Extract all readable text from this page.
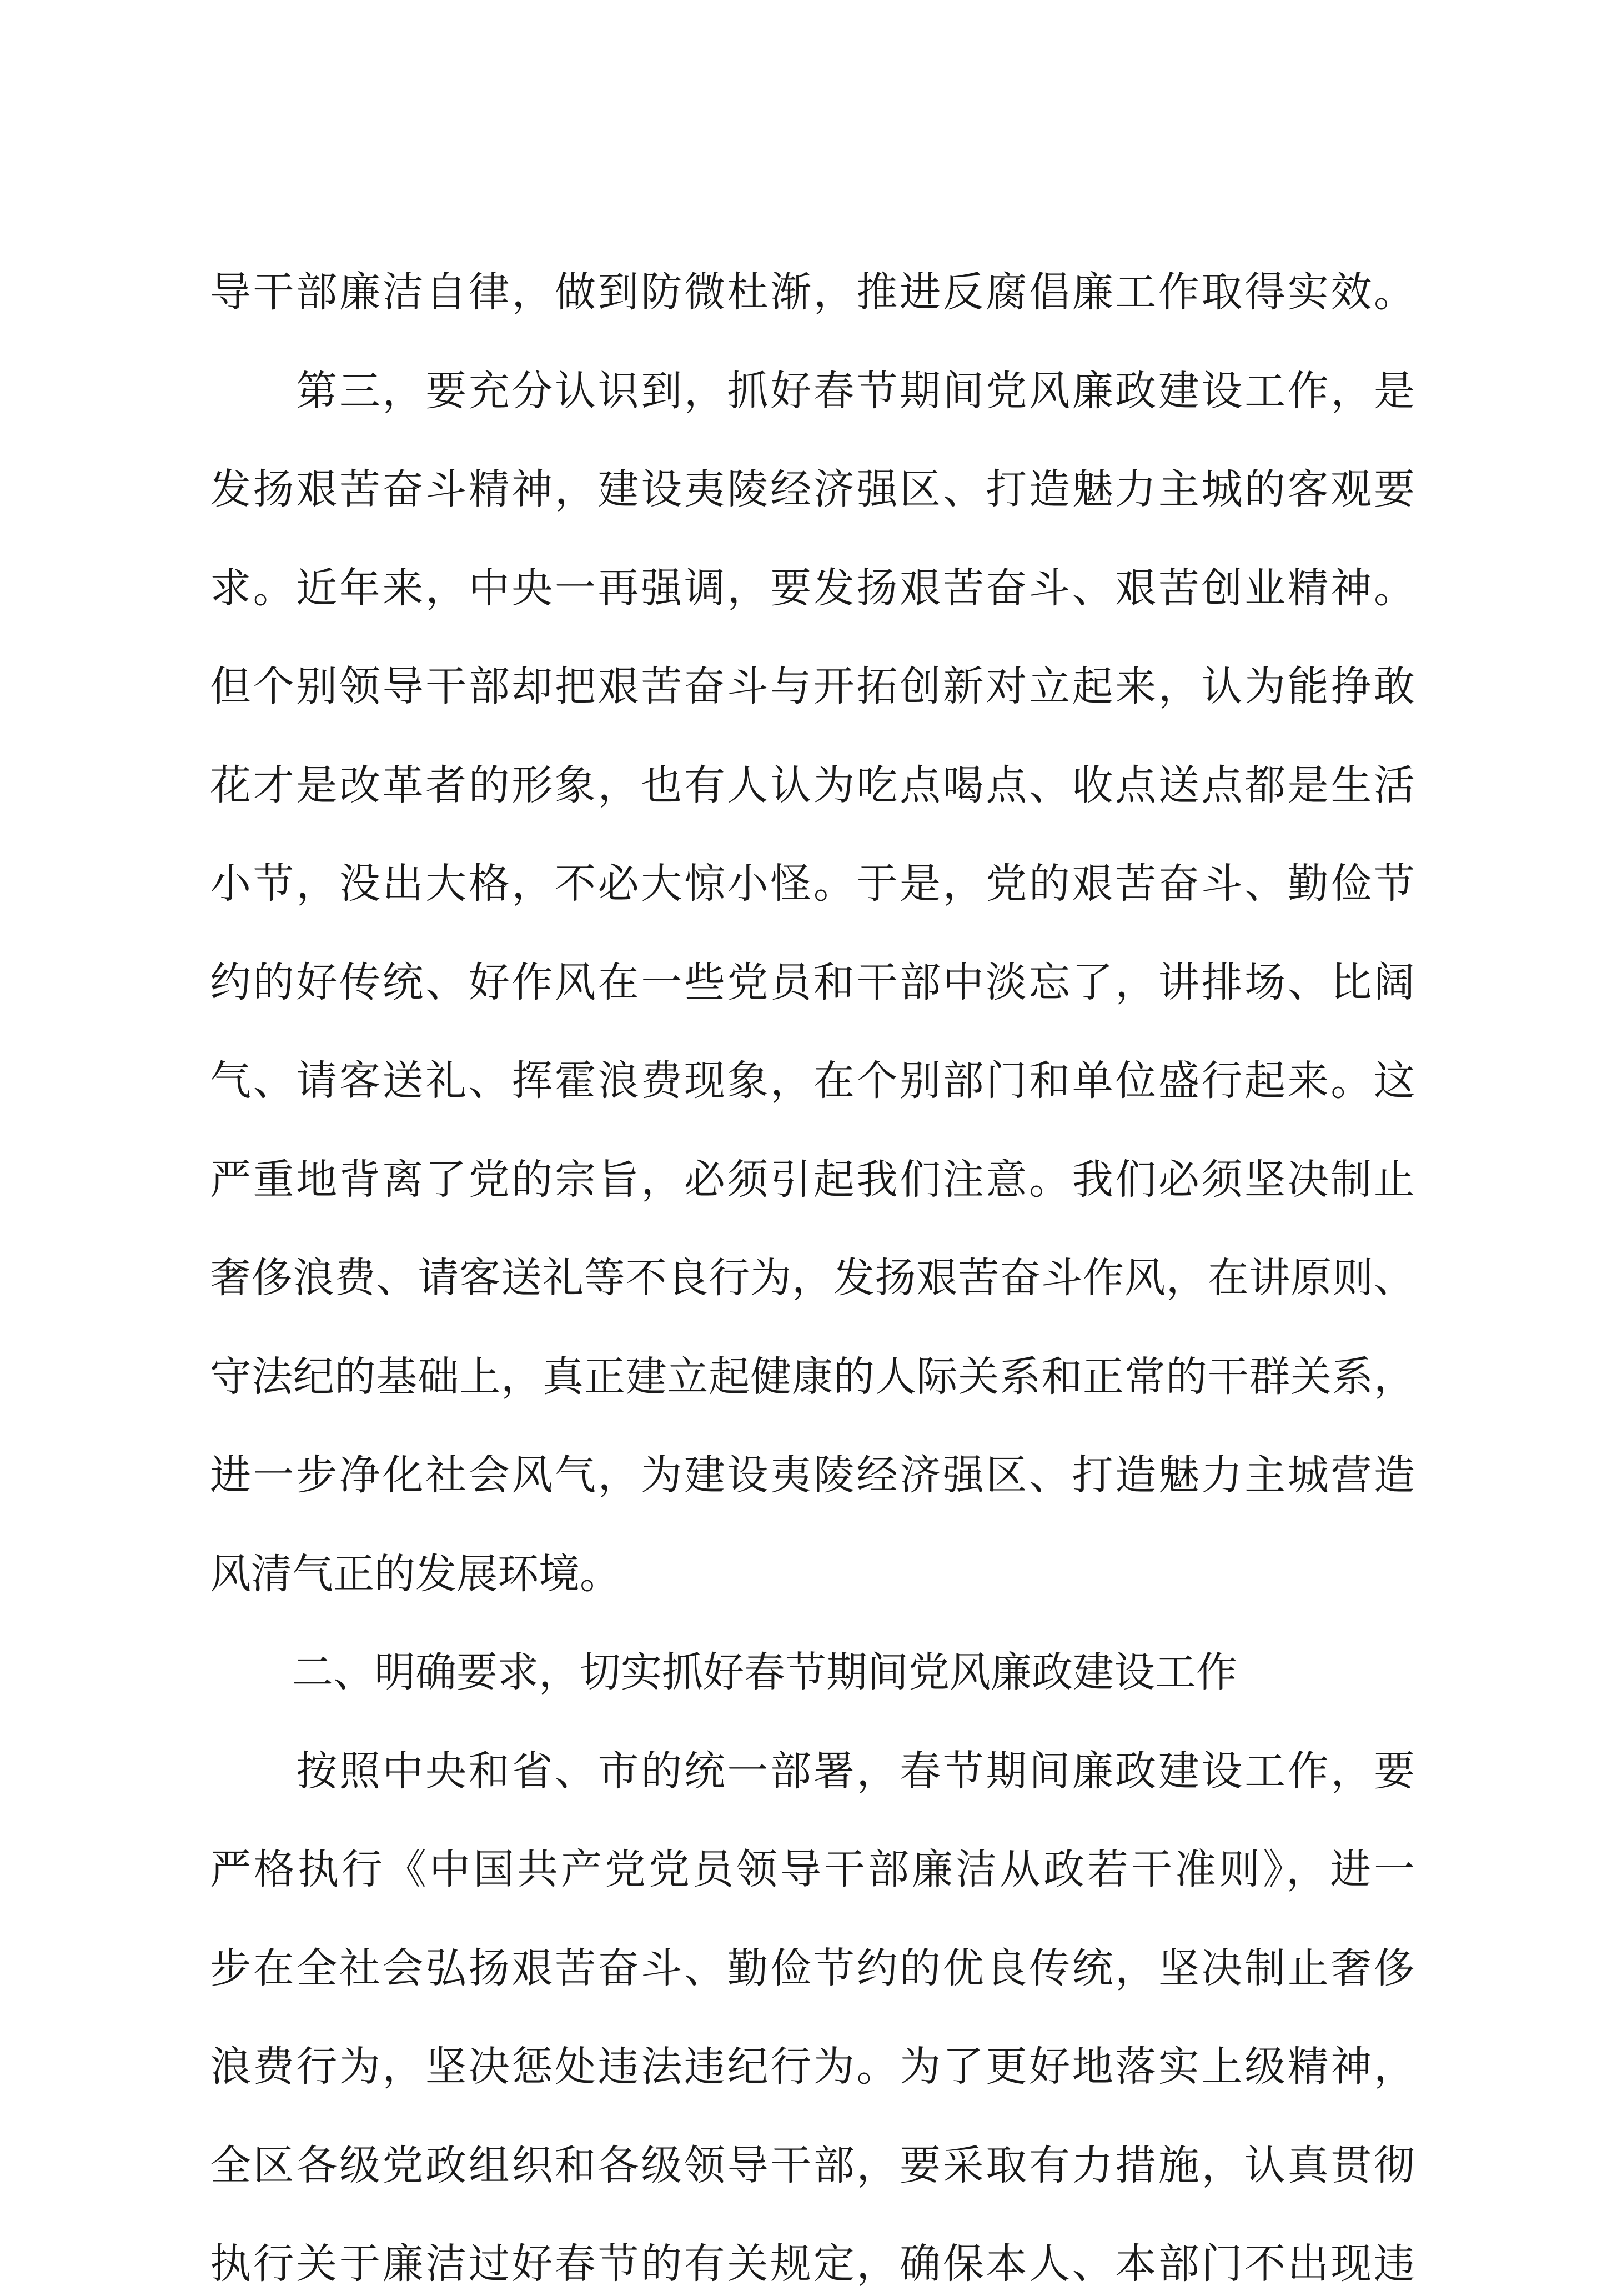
导干部廉洁自律，做到防微杜渐，推进反腐倡廉工作取得实效。
　　第三，要充分认识到，抓好春节期间党风廉政建设工作，是
发扬艰苦奋斗精神，建设夷陵经济强区、打造魅力主城的客观要
求。近年来，中央一再强调，要发扬艰苦奋斗、艰苦创业精神。
但个别领导干部却把艰苦奋斗与开拓创新对立起来，认为能挣敢
花才是改革者的形象，也有人认为吃点喝点、收点送点都是生活
小节，没出大格，不必大惊小怪。于是，党的艰苦奋斗、勤俭节
约的好传统、好作风在一些党员和干部中淡忘了，讲排场、比阔
气、请客送礼、挥霍浪费现象，在个别部门和单位盛行起来。这
严重地背离了党的宗旨，必须引起我们注意。我们必须坚决制止
奢侈浪费、请客送礼等不良行为，发扬艰苦奋斗作风，在讲原则、
守法纪的基础上，真正建立起健康的人际关系和正常的干群关系，
进一步净化社会风气，为建设夷陵经济强区、打造魅力主城营造
风清气正的发展环境。
　　二、明确要求，切实抓好春节期间党风廉政建设工作
　　按照中央和省、市的统一部署，春节期间廉政建设工作，要
严格执行《中国共产党党员领导干部廉洁从政若干准则》，进一
步在全社会弘扬艰苦奋斗、勤俭节约的优良传统，坚决制止奢侈
浪费行为，坚决惩处违法违纪行为。为了更好地落实上级精神，
全区各级党政组织和各级领导干部，要采取有力措施，认真贯彻
执行关于廉洁过好春节的有关规定，确保本人、本部门不出现违
